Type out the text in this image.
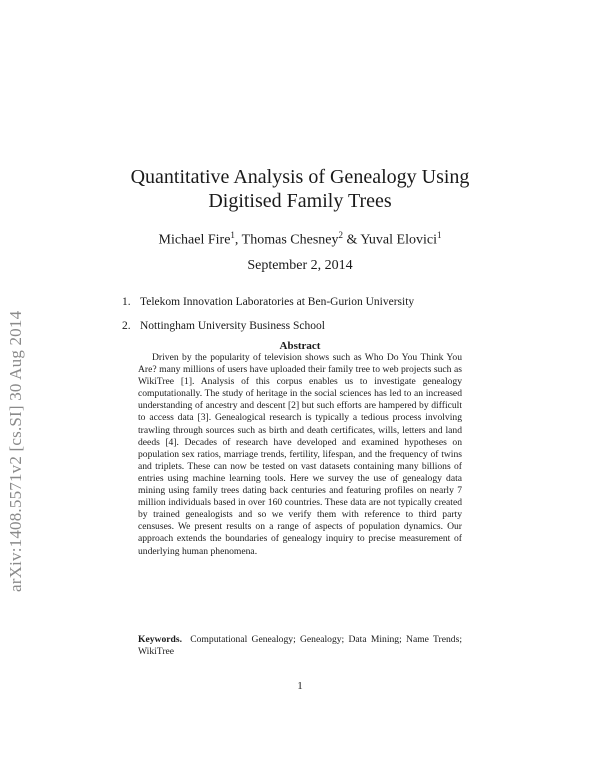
arXiv:1408.5571v2 [cs.SI] 30 Aug 2014
Quantitative Analysis of Genealogy Using
Digitised Family Trees
Michael Fire$^1$, Thomas Chesney$^2$ & Yuval Elovici$^1$
September 2, 2014
1. Telekom Innovation Laboratories at Ben-Gurion University
2. Nottingham University Business School
Abstract
Driven by the popularity of television shows such as Who Do You Think You Are? many millions of users have uploaded their family tree to web projects such as WikiTree [1]. Analysis of this corpus enables us to investigate genealogy computationally. The study of heritage in the social sciences has led to an increased understanding of ancestry and descent [2] but such efforts are hampered by difficult to access data [3]. Genealogical research is typically a tedious process involving trawling through sources such as birth and death certificates, wills, letters and land deeds [4]. Decades of research have developed and examined hypotheses on population sex ratios, marriage trends, fertility, lifespan, and the frequency of twins and triplets. These can now be tested on vast datasets containing many billions of entries using machine learning tools. Here we survey the use of genealogy data mining using family trees dating back centuries and featuring profiles on nearly 7 million individuals based in over 160 countries. These data are not typically created by trained genealogists and so we verify them with reference to third party censuses. We present results on a range of aspects of population dynamics. Our approach extends the boundaries of genealogy inquiry to precise measurement of underlying human phenomena.
Keywords. Computational Genealogy; Genealogy; Data Mining; Name Trends; WikiTree
1
